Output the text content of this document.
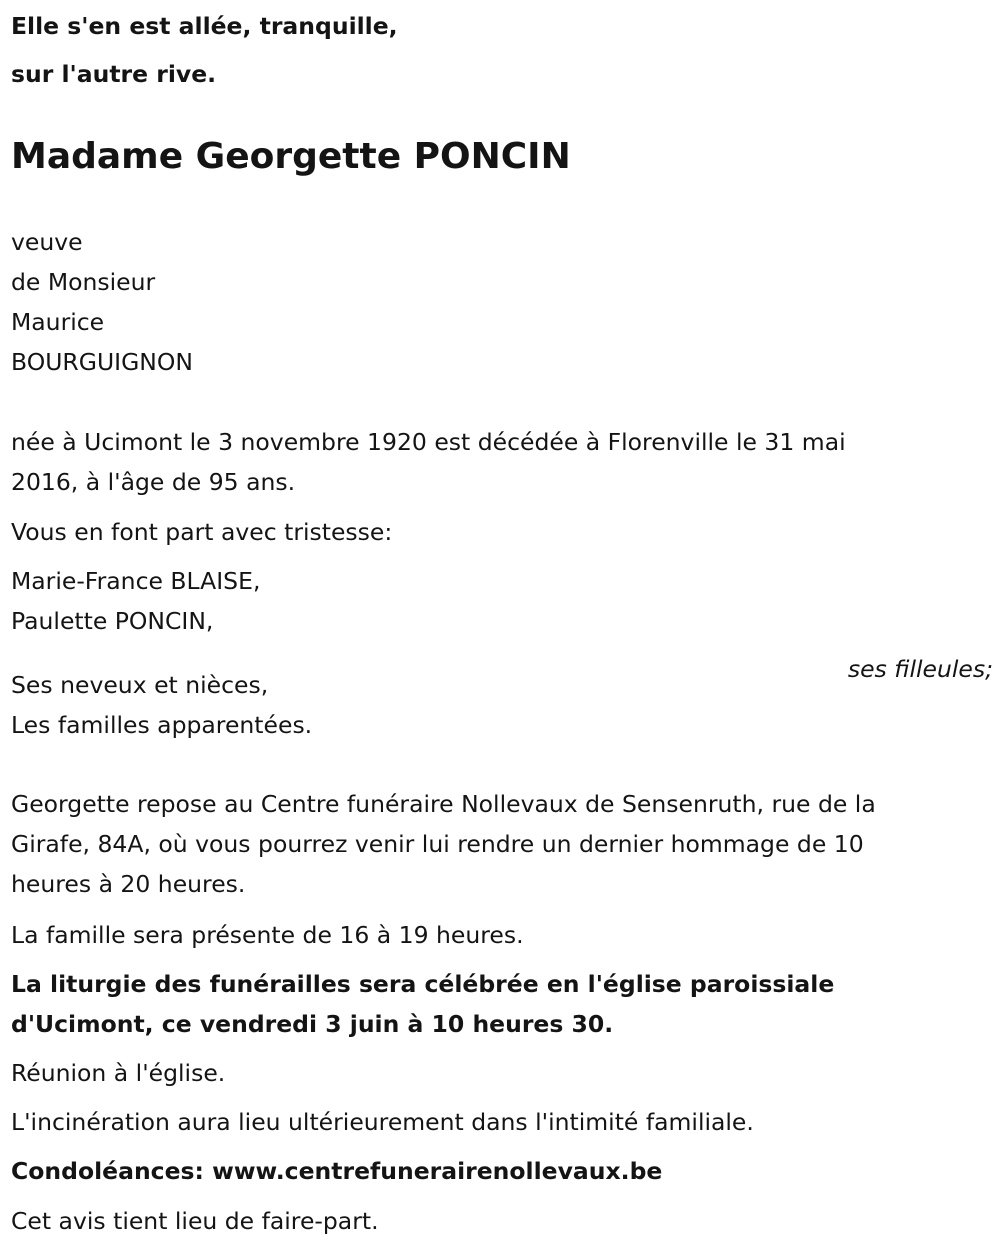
Elle s'en est allée, tranquille,

sur l'autre rive.

Madame Georgette PONCIN

veuve

de Monsieur

Maurice

BOURGUIGNON

née à Ucimont le 3 novembre 1920 est décédée à Florenville le 31 mai

2016, à l'âge de 95 ans.

Vous en font part avec tristesse:

Marie-France BLAISE,

Paulette PONCIN,

ses filleules;

Ses neveux et nièces,

Les familles apparentées.

Georgette repose au Centre funéraire Nollevaux de Sensenruth, rue de la

Girafe, 84A, où vous pourrez venir lui rendre un dernier hommage de 10

heures à 20 heures.

La famille sera présente de 16 à 19 heures.

La liturgie des funérailles sera célébrée en l'église paroissiale

d'Ucimont, ce vendredi 3 juin à 10 heures 30.

Réunion à l'église.

L'incinération aura lieu ultérieurement dans l'intimité familiale.

Condoléances: www.centrefunerairenollevaux.be

Cet avis tient lieu de faire-part.
